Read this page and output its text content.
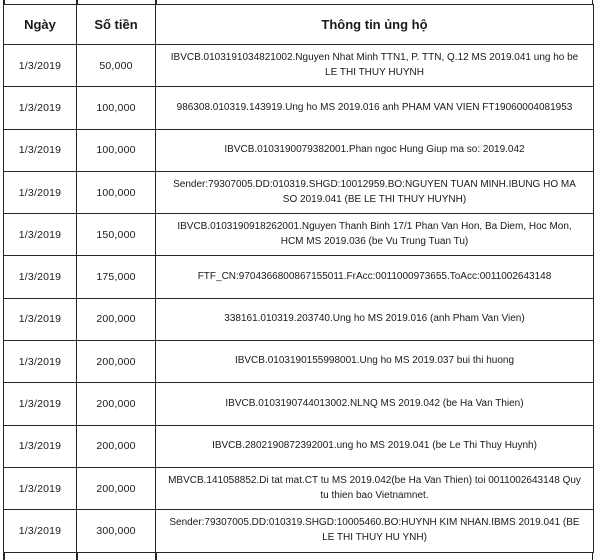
Ngày	Số tiền	Thông tin ủng hộ
1/3/2019	50,000	IBVCB.0103191034821002.Nguyen Nhat Minh TTN1, P. TTN, Q.12 MS 2019.041 ung ho be LE THI THUY HUYNH
1/3/2019	100,000	986308.010319.143919.Ung ho MS 2019.016 anh PHAM VAN VIEN FT19060004081953
1/3/2019	100,000	IBVCB.0103190079382001.Phan ngoc Hung Giup ma so: 2019.042
1/3/2019	100,000	Sender:79307005.DD:010319.SHGD:10012959.BO:NGUYEN TUAN MINH.IBUNG HO MA SO 2019.041 (BE LE THI THUY HUYNH)
1/3/2019	150,000	IBVCB.0103190918262001.Nguyen Thanh Binh 17/1 Phan Van Hon, Ba Diem, Hoc Mon, HCM MS 2019.036 (be Vu Trung Tuan Tu)
1/3/2019	175,000	FTF_CN:9704366800867155011.FrAcc:0011000973655.ToAcc:0011002643148
1/3/2019	200,000	338161.010319.203740.Ung ho MS 2019.016 (anh Pham Van Vien)
1/3/2019	200,000	IBVCB.0103190155998001.Ung ho MS 2019.037 bui thi huong
1/3/2019	200,000	IBVCB.0103190744013002.NLNQ MS 2019.042 (be Ha Van Thien)
1/3/2019	200,000	IBVCB.2802190872392001.ung ho MS 2019.041 (be Le Thi Thuy Huynh)
1/3/2019	200,000	MBVCB.141058852.Di tat mat.CT tu MS 2019.042(be Ha Van Thien) toi 0011002643148 Quy tu thien bao Vietnamnet.
1/3/2019	300,000	Sender:79307005.DD:010319.SHGD:10005460.BO:HUYNH KIM NHAN.IBMS 2019.041 (BE LE THI THUY HU YNH)
